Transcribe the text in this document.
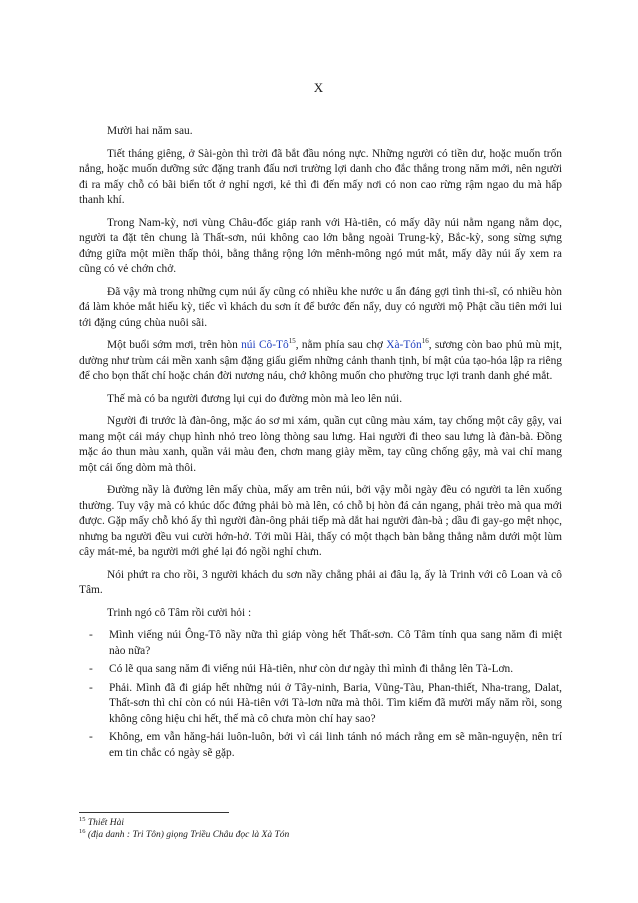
X

Mười hai năm sau.

Tiết tháng giêng, ở Sài-gòn thì trời đã bắt đầu nóng nực. Những người có tiền dư, hoặc muốn trốn nắng, hoặc muốn dưỡng sức đặng tranh đấu nơi trường lợi danh cho đắc thắng trong năm mới, nên người đi ra mấy chỗ có bãi biển tốt ở nghỉ ngơi, kẻ thì đi đến mấy nơi có non cao rừng rậm ngao du mà hấp thanh khí.

Trong Nam-kỳ, nơi vùng Châu-đốc giáp ranh với Hà-tiên, có mấy dãy núi nằm ngang nằm dọc, người ta đặt tên chung là Thất-sơn, núi không cao lớn bằng ngoài Trung-kỳ, Bắc-kỳ, song sừng sựng đứng giữa một miền thấp thỏi, bằng thẳng rộng lớn mênh-mông ngó mút mắt, mấy dãy núi ấy xem ra cũng có vẻ chớn chở.

Đã vậy mà trong những cụm núi ấy cũng có nhiều khe nước u ẩn đáng gợi tình thi-sĩ, có nhiều hòn đá làm khỏe mắt hiếu kỳ, tiếc vì khách du sơn ít để bước đến nẩy, duy có người mộ Phật cầu tiên mới lui tới đặng cúng chùa nuôi sãi.

Một buổi sớm mơi, trên hòn núi $Cô-Tô^{15}$, nằm phía sau chợ Xà-Tón$^{16}$, sương còn bao phủ mù mịt, dường như trùm cái mền xanh sậm đặng giấu giếm những cảnh thanh tịnh, bí mật của tạo-hóa lập ra riêng để cho bọn thất chí hoặc chán đời nương náu, chớ không muốn cho phường trục lợi tranh danh ghé mắt.

Thế mà có ba người đương lụi cụi do đường mòn mà leo lên núi.

Người đi trước là đàn-ông, mặc áo sơ mi xám, quần cụt cũng màu xám, tay chống một cây gậy, vai mang một cái máy chụp hình nhỏ treo lòng thòng sau lưng. Hai người đi theo sau lưng là đàn-bà. Đồng mặc áo thun màu xanh, quần vải màu đen, chơn mang giày mềm, tay cũng chống gậy, mà vai chỉ mang một cái ống dòm mà thôi.

Đường nầy là đường lên mấy chùa, mấy am trên núi, bởi vậy mỗi ngày đều có người ta lên xuống thường. Tuy vậy mà có khúc dốc đứng phải bò mà lên, có chỗ bị hòn đá cản ngang, phải trèo mà qua mới được. Gặp mấy chỗ khó ấy thì người đàn-ông phải tiếp mà dắt hai người đàn-bà ; dầu đi gay-go mệt nhọc, nhưng ba người đều vui cười hớn-hở. Tới mũi Hài, thấy có một thạch bàn bằng thẳng nằm dưới một lùm cây mát-mẻ, ba người mới ghé lại đó ngồi nghỉ chưn.

Nói phứt ra cho rồi, 3 người khách du sơn nầy chẳng phải ai đâu lạ, ấy là Trinh với cô Loan và cô Tâm.

Trinh ngó cô Tâm rồi cười hỏi :

- Mình viếng núi Ông-Tô nầy nữa thì giáp vòng hết Thất-sơn. Cô Tâm tính qua sang năm đi miệt nào nữa?
- Có lẽ qua sang năm đi viếng núi Hà-tiên, như còn dư ngày thì mình đi thẳng lên Tà-Lơn.
- Phải. Mình đã đi giáp hết những núi ở Tây-ninh, Baria, Vũng-Tàu, Phan-thiết, Nha-trang, Dalat, Thất-sơn thì chỉ còn có núi Hà-tiên với Tà-lơn nữa mà thôi. Tìm kiếm đã mười mấy năm rồi, song không công hiệu chi hết, thế mà cô chưa mòn chí hay sao?
- Không, em vẫn hăng-hái luôn-luôn, bởi vì cái linh tánh nó mách rằng em sẽ mãn-nguyện, nên trí em tin chắc có ngày sẽ gặp.
$^{15}$ Thiết Hài
$^{16}$ (địa danh : Tri Tôn) giọng Triều Châu đọc là Xà Tón
